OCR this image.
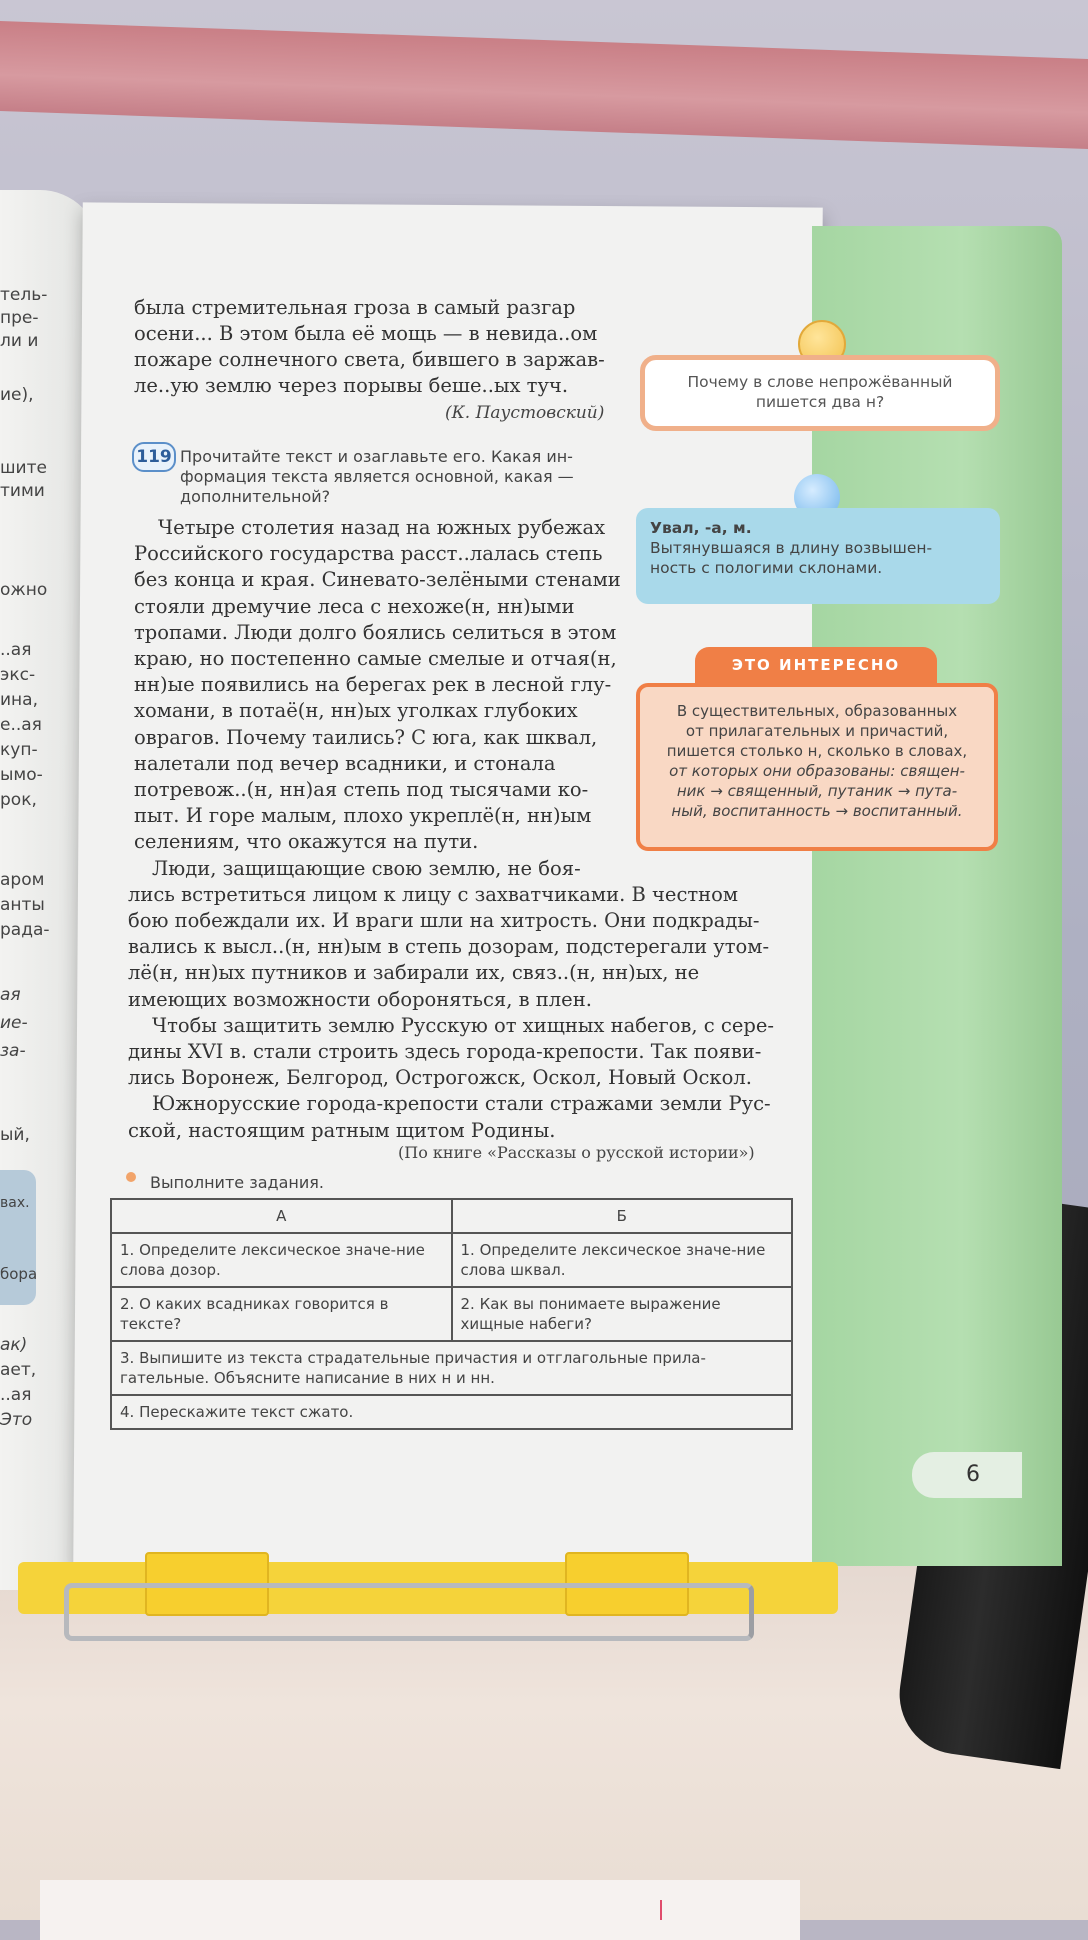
тель-
пре-
ли и
ие),
шите
тими
ожно
..ая
экс-
ина,
е..ая
куп-
ымо-
рок,
аром
анты
рада-
ая
ие-
за-
ый,
вах.
бора
ак)
ает,
..ая
Это
была стремительная гроза в самый разгар
осени... В этом была её мощь — в невида..ом
пожаре солнечного света, бившего в заржав-
ле..ую землю через порывы беше..ых туч.
(К. Паустовский)
119 Прочитайте текст и озаглавьте его. Какая ин-
формация текста является основной, какая —
дополнительной?
Четыре столетия назад на южных рубежах
Российского государства расст..лалась степь
без конца и края. Синевато-зелёными стенами
стояли дремучие леса с нехоже(н, нн)ыми
тропами. Люди долго боялись селиться в этом
краю, но постепенно самые смелые и отчая(н,
нн)ые появились на берегах рек в лесной глу-
хомани, в потаё(н, нн)ых уголках глубоких
оврагов. Почему таились? С юга, как шквал,
налетали под вечер всадники, и стонала
потревож..(н, нн)ая степь под тысячами ко-
пыт. И горе малым, плохо укреплё(н, нн)ым
селениям, что окажутся на пути.
Люди, защищающие свою землю, не боя-
лись встретиться лицом к лицу с захватчиками. В честном
бою побеждали их. И враги шли на хитрость. Они подкрады-
вались к высл..(н, нн)ым в степь дозорам, подстерегали утом-
лё(н, нн)ых путников и забирали их, связ..(н, нн)ых, не
имеющих возможности обороняться, в плен.
Чтобы защитить землю Русскую от хищных набегов, с сере-
дины XVI в. стали строить здесь города-крепости. Так появи-
лись Воронеж, Белгород, Острогожск, Оскол, Новый Оскол.
Южнорусские города-крепости стали стражами земли Рус-
ской, настоящим ратным щитом Родины.
(По книге «Рассказы о русской истории»)
Выполните задания.
А	Б
1. Определите лексическое значе-ние слова дозор.	1. Определите лексическое значе-ние слова шквал.
2. О каких всадниках говорится в тексте?	2. Как вы понимаете выражение хищные набеги?
3. Выпишите из текста страдательные причастия и отглагольные прила-гательные. Объясните написание в них н и нн.	
4. Перескажите текст сжато.	
Почему в слове непрожёванный
пишется два н?
Увал, -а, м.
Вытянувшаяся в длину возвышен-
ность с пологими склонами.
ЭТО ИНТЕРЕСНО
В существительных, образованных
от прилагательных и причастий,
пишется столько н, сколько в словах,
от которых они образованы: священ-
ник → священный, путаник → пута-
ный, воспитанность → воспитанный.
6
